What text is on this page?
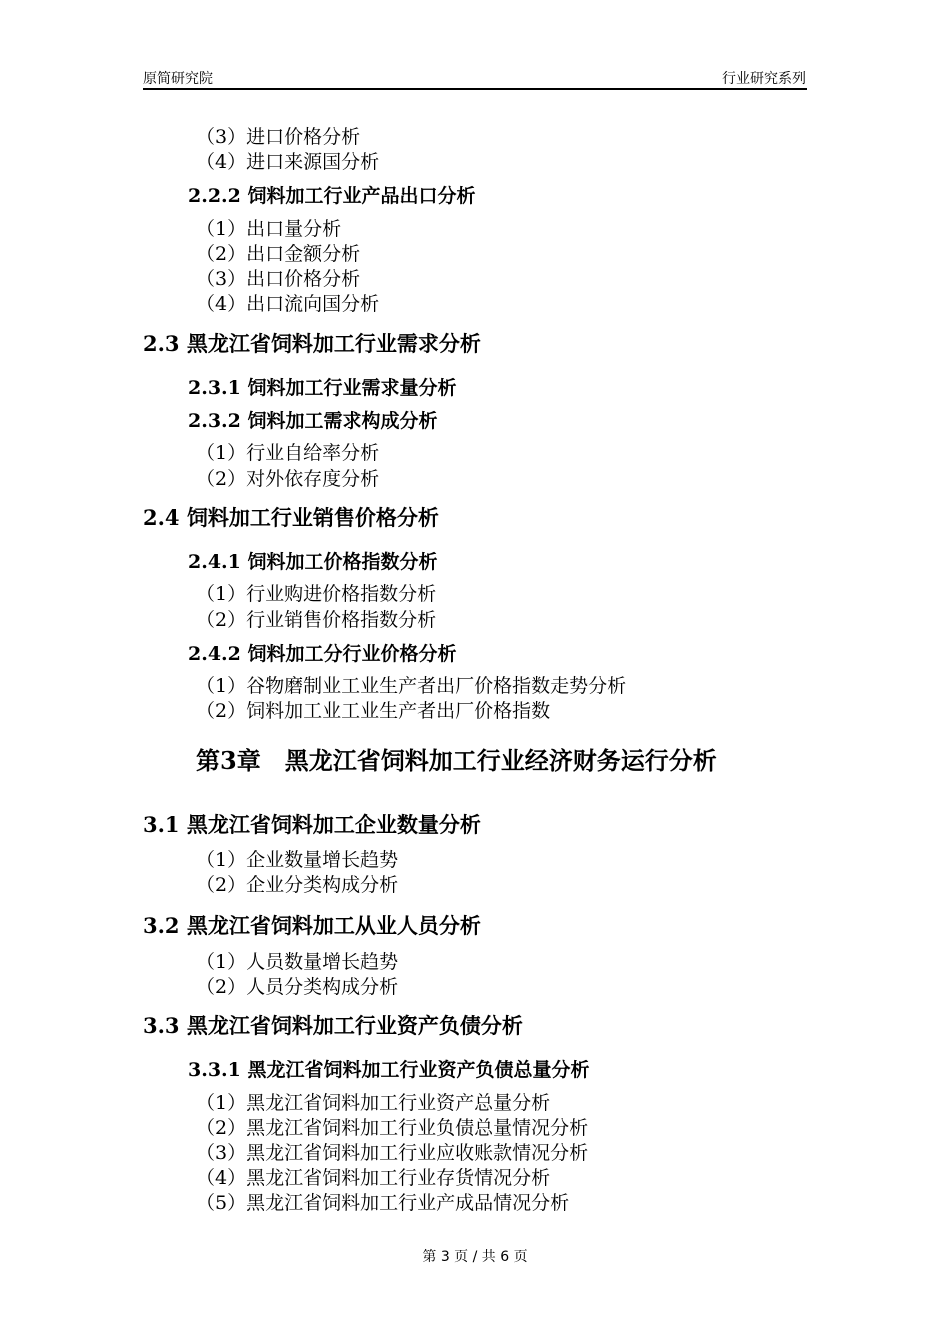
原简研究院	行业研究系列
（3）进口价格分析
（4）进口来源国分析
2.2.2 饲料加工行业产品出口分析
（1）出口量分析
（2）出口金额分析
（3）出口价格分析
（4）出口流向国分析
2.3 黑龙江省饲料加工行业需求分析
2.3.1 饲料加工行业需求量分析
2.3.2 饲料加工需求构成分析
（1）行业自给率分析
（2）对外依存度分析
2.4 饲料加工行业销售价格分析
2.4.1 饲料加工价格指数分析
（1）行业购进价格指数分析
（2）行业销售价格指数分析
2.4.2 饲料加工分行业价格分析
（1）谷物磨制业工业生产者出厂价格指数走势分析
（2）饲料加工业工业生产者出厂价格指数
第3章　黑龙江省饲料加工行业经济财务运行分析
3.1 黑龙江省饲料加工企业数量分析
（1）企业数量增长趋势
（2）企业分类构成分析
3.2 黑龙江省饲料加工从业人员分析
（1）人员数量增长趋势
（2）人员分类构成分析
3.3 黑龙江省饲料加工行业资产负债分析
3.3.1 黑龙江省饲料加工行业资产负债总量分析
（1）黑龙江省饲料加工行业资产总量分析
（2）黑龙江省饲料加工行业负债总量情况分析
（3）黑龙江省饲料加工行业应收账款情况分析
（4）黑龙江省饲料加工行业存货情况分析
（5）黑龙江省饲料加工行业产成品情况分析
第 3 页 / 共 6 页
